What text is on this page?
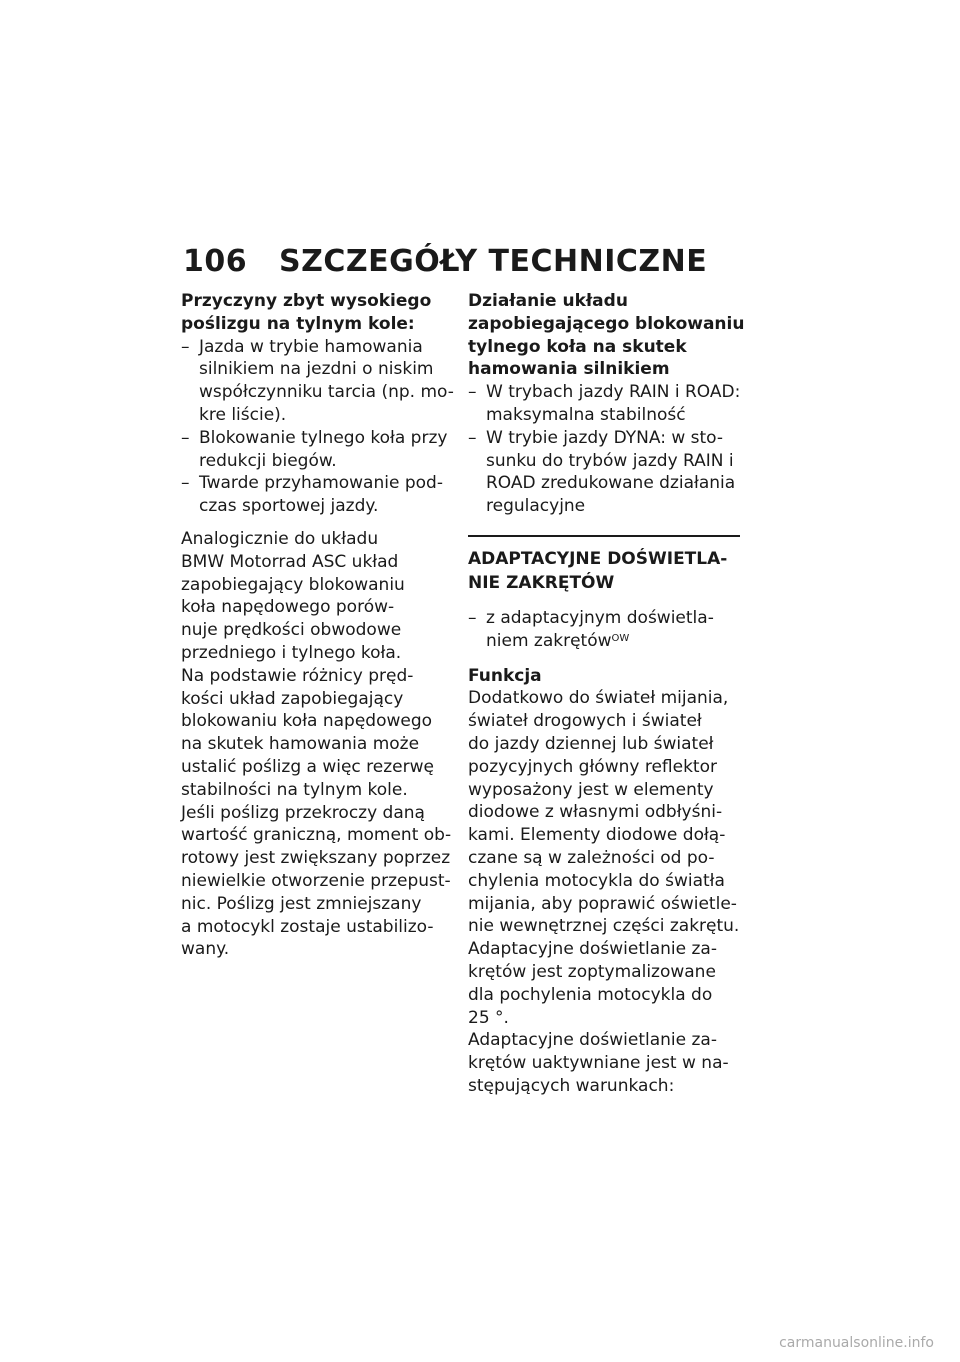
106 SZCZEGÓŁY TECHNICZNE
Przyczyny zbyt wysokiego
poślizgu na tylnym kole:
– Jazda w trybie hamowania
silnikiem na jezdni o niskim
współczynniku tarcia (np. mo-
kre liście).
– Blokowanie tylnego koła przy
redukcji biegów.
– Twarde przyhamowanie pod-
czas sportowej jazdy.
Analogicznie do układu
BMW Motorrad ASC układ
zapobiegający blokowaniu
koła napędowego porów-
nuje prędkości obwodowe
przedniego i tylnego koła.
Na podstawie różnicy pręd-
kości układ zapobiegający
blokowaniu koła napędowego
na skutek hamowania może
ustalić poślizg a więc rezerwę
stabilności na tylnym kole.
Jeśli poślizg przekroczy daną
wartość graniczną, moment ob-
rotowy jest zwiększany poprzez
niewielkie otworzenie przepust-
nic. Poślizg jest zmniejszany
a motocykl zostaje ustabilizo-
wany.
Działanie układu
zapobiegającego blokowaniu
tylnego koła na skutek
hamowania silnikiem
– W trybach jazdy RAIN i ROAD:
maksymalna stabilność
– W trybie jazdy DYNA: w sto-
sunku do trybów jazdy RAIN i
ROAD zredukowane działania
regulacyjne
ADAPTACYJNE DOŚWIETLA-
NIE ZAKRĘTÓW
– z adaptacyjnym doświetla-
niem zakrętów$^{OW}$
Funkcja
Dodatkowo do świateł mijania,
świateł drogowych i świateł
do jazdy dziennej lub świateł
pozycyjnych główny reflektor
wyposażony jest w elementy
diodowe z własnymi odbłyśni-
kami. Elementy diodowe dołą-
czane są w zależności od po-
chylenia motocykla do światła
mijania, aby poprawić oświetle-
nie wewnętrznej części zakrętu.
Adaptacyjne doświetlanie za-
krętów jest zoptymalizowane
dla pochylenia motocykla do
25 °.
Adaptacyjne doświetlanie za-
krętów uaktywniane jest w na-
stępujących warunkach:
carmanualsonline.info
